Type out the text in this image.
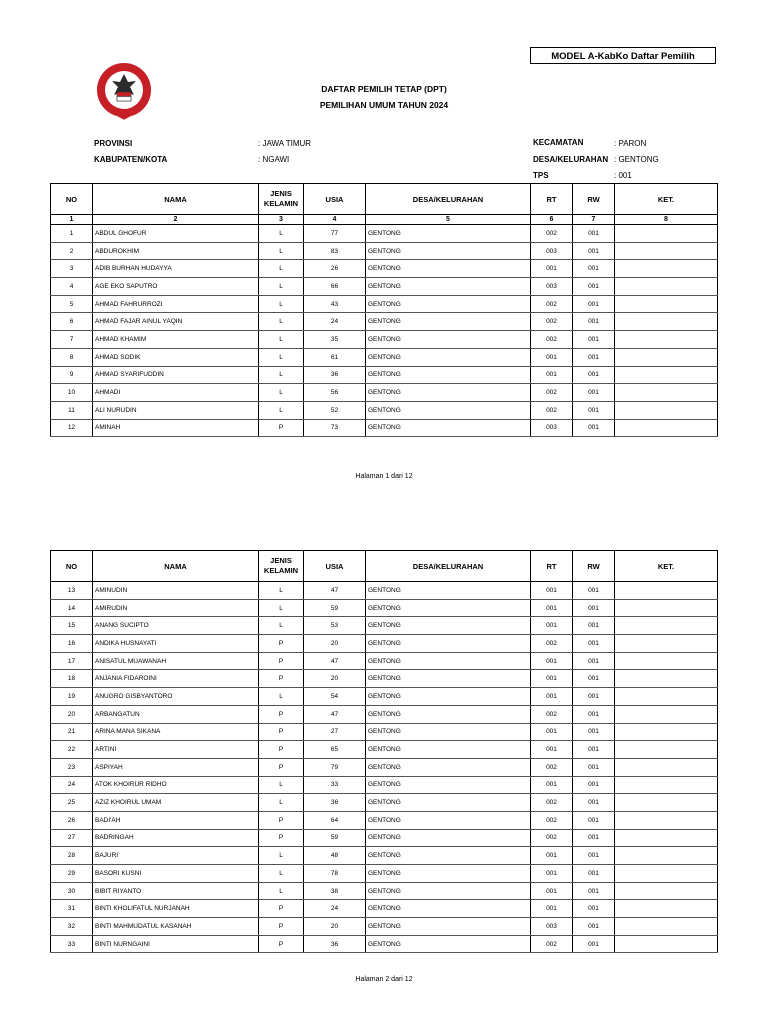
MODEL A-KabKo Daftar Pemilih
DAFTAR PEMILIH TETAP (DPT)
PEMILIHAN UMUM TAHUN 2024
PROVINSI	: JAWA TIMUR
KABUPATEN/KOTA	: NGAWI
KECAMATAN	: PARON
DESA/KELURAHAN : GENTONG
TPS	: 001
NO	NAMA	JENIS KELAMIN	USIA	DESA/KELURAHAN	RT	RW	KET.
1	2	3	4	5	6	7	8
1	ABDUL GHOFUR	L	77	GENTONG	002	001	
2	ABDUROKHIM	L	83	GENTONG	003	001	
3	ADIB BURHAN HUDAYYA	L	26	GENTONG	001	001	
4	AGE EKO SAPUTRO	L	66	GENTONG	003	001	
5	AHMAD FAHRURROZI	L	43	GENTONG	002	001	
6	AHMAD FAJAR AINUL YAQIN	L	24	GENTONG	002	001	
7	AHMAD KHAMIM	L	35	GENTONG	002	001	
8	AHMAD SODIK	L	61	GENTONG	001	001	
9	AHMAD SYARIFUDDIN	L	36	GENTONG	001	001	
10	AHMADI	L	56	GENTONG	002	001	
11	ALI NURUDIN	L	52	GENTONG	002	001	
12	AMINAH	P	73	GENTONG	003	001	
Halaman 1 dari 12
NO	NAMA	JENIS KELAMIN	USIA	DESA/KELURAHAN	RT	RW	KET.
13	AMINUDIN	L	47	GENTONG	001	001	
14	AMIRUDIN	L	59	GENTONG	001	001	
15	ANANG SUCIPTO	L	53	GENTONG	001	001	
16	ANDIKA HUSNAYATI	P	20	GENTONG	002	001	
17	ANISATUL MUAWANAH	P	47	GENTONG	001	001	
18	ANJANIA FIDAROINI	P	20	GENTONG	001	001	
19	ANUGRO GISBYANTORO	L	54	GENTONG	001	001	
20	ARBANGATUN	P	47	GENTONG	002	001	
21	ARINA MANA SIKANA	P	27	GENTONG	001	001	
22	ARTINI	P	65	GENTONG	001	001	
23	ASPIYAH	P	79	GENTONG	002	001	
24	ATOK KHOIRUR RIDHO	L	33	GENTONG	001	001	
25	AZIZ KHOIRUL UMAM	L	36	GENTONG	002	001	
26	BADI'AH	P	64	GENTONG	002	001	
27	BADRINGAH	P	59	GENTONG	002	001	
28	BAJURI	L	48	GENTONG	001	001	
29	BASORI KUSNI	L	78	GENTONG	001	001	
30	BIBIT RIYANTO	L	38	GENTONG	001	001	
31	BINTI KHOLIFATUL NURJANAH	P	24	GENTONG	001	001	
32	BINTI MAHMUDATUL KASANAH	P	20	GENTONG	003	001	
33	BINTI NURNGAINI	P	36	GENTONG	002	001	
Halaman 2 dari 12
